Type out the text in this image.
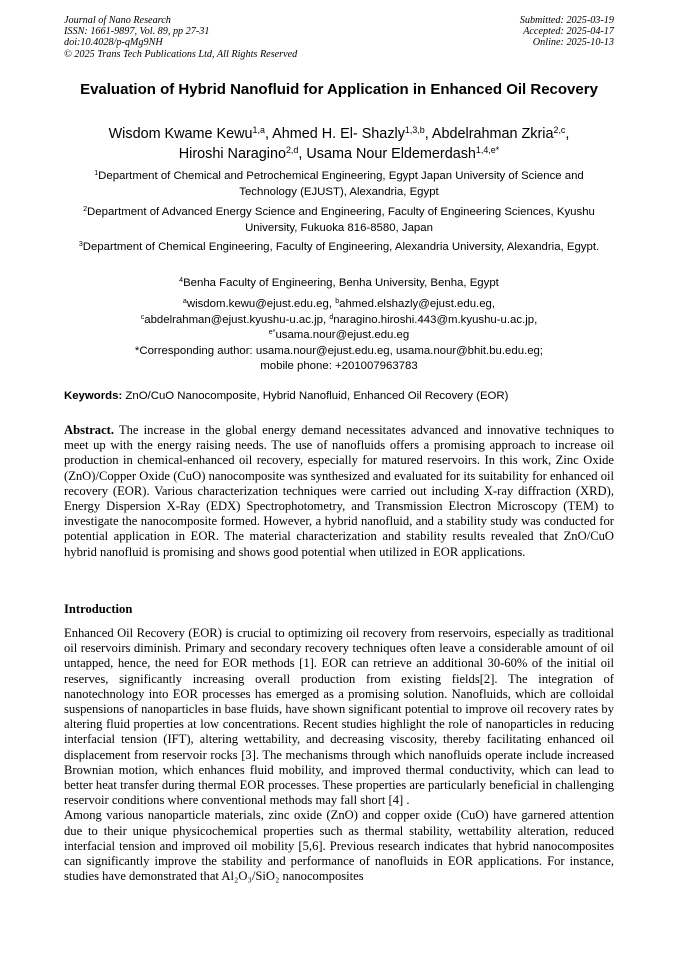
Journal of Nano Research
ISSN: 1661-9897, Vol. 89, pp 27-31
doi:10.4028/p-qMg9NH
© 2025 Trans Tech Publications Ltd, All Rights Reserved
Submitted: 2025-03-19
Accepted: 2025-04-17
Online: 2025-10-13
Evaluation of Hybrid Nanofluid for Application in Enhanced Oil Recovery
Wisdom Kwame Kewu$^{1,a}$, Ahmed H. El- Shazly$^{1,3,b}$, Abdelrahman Zkria$^{2,c}$,
Hiroshi Naragino$^{2,d}$, Usama Nour Eldemerdash$^{1,4,e*}$
$^1$Department of Chemical and Petrochemical Engineering, Egypt Japan University of Science and Technology (EJUST), Alexandria, Egypt
$^2$Department of Advanced Energy Science and Engineering, Faculty of Engineering Sciences, Kyushu University, Fukuoka 816-8580, Japan
$^3$Department of Chemical Engineering, Faculty of Engineering, Alexandria University, Alexandria, Egypt.
$^4$Benha Faculty of Engineering, Benha University, Benha, Egypt
$^a$wisdom.kewu@ejust.edu.eg, $^b$ahmed.elshazly@ejust.edu.eg,
$^c$abdelrahman@ejust.kyushu-u.ac.jp, $^d$naragino.hiroshi.443@m.kyushu-u.ac.jp,
$^{e*}$usama.nour@ejust.edu.eg
*Corresponding author: usama.nour@ejust.edu.eg, usama.nour@bhit.bu.edu.eg;
mobile phone: +201007963783
Keywords: ZnO/CuO Nanocomposite, Hybrid Nanofluid, Enhanced Oil Recovery (EOR)

Abstract. The increase in the global energy demand necessitates advanced and innovative techniques to meet up with the energy raising needs. The use of nanofluids offers a promising approach to increase oil production in chemical-enhanced oil recovery, especially for matured reservoirs. In this work, Zinc Oxide (ZnO)/Copper Oxide (CuO) nanocomposite was synthesized and evaluated for its suitability for enhanced oil recovery (EOR). Various characterization techniques were carried out including X-ray diffraction (XRD), Energy Dispersion X-Ray (EDX) Spectrophotometry, and Transmission Electron Microscopy (TEM) to investigate the nanocomposite formed. However, a hybrid nanofluid, and a stability study was conducted for potential application in EOR. The material characterization and stability results revealed that ZnO/CuO hybrid nanofluid is promising and shows good potential when utilized in EOR applications.

Introduction

Enhanced Oil Recovery (EOR) is crucial to optimizing oil recovery from reservoirs, especially as traditional oil reservoirs diminish. Primary and secondary recovery techniques often leave a considerable amount of oil untapped, hence, the need for EOR methods [1]. EOR can retrieve an additional 30-60% of the initial oil reserves, significantly increasing overall production from existing fields[2]. The integration of nanotechnology into EOR processes has emerged as a promising solution. Nanofluids, which are colloidal suspensions of nanoparticles in base fluids, have shown significant potential to improve oil recovery rates by altering fluid properties at low concentrations. Recent studies highlight the role of nanoparticles in reducing interfacial tension (IFT), altering wettability, and decreasing viscosity, thereby facilitating enhanced oil displacement from reservoir rocks [3]. The mechanisms through which nanofluids operate include increased Brownian motion, which enhances fluid mobility, and improved thermal conductivity, which can lead to better heat transfer during thermal EOR processes. These properties are particularly beneficial in challenging reservoir conditions where conventional methods may fall short [4] .

Among various nanoparticle materials, zinc oxide (ZnO) and copper oxide (CuO) have garnered attention due to their unique physicochemical properties such as thermal stability, wettability alteration, reduced interfacial tension and improved oil mobility [5,6]. Previous research indicates that hybrid nanocomposites can significantly improve the stability and performance of nanofluids in EOR applications. For instance, studies have demonstrated that Al₂O₃/SiO₂ nanocomposites
